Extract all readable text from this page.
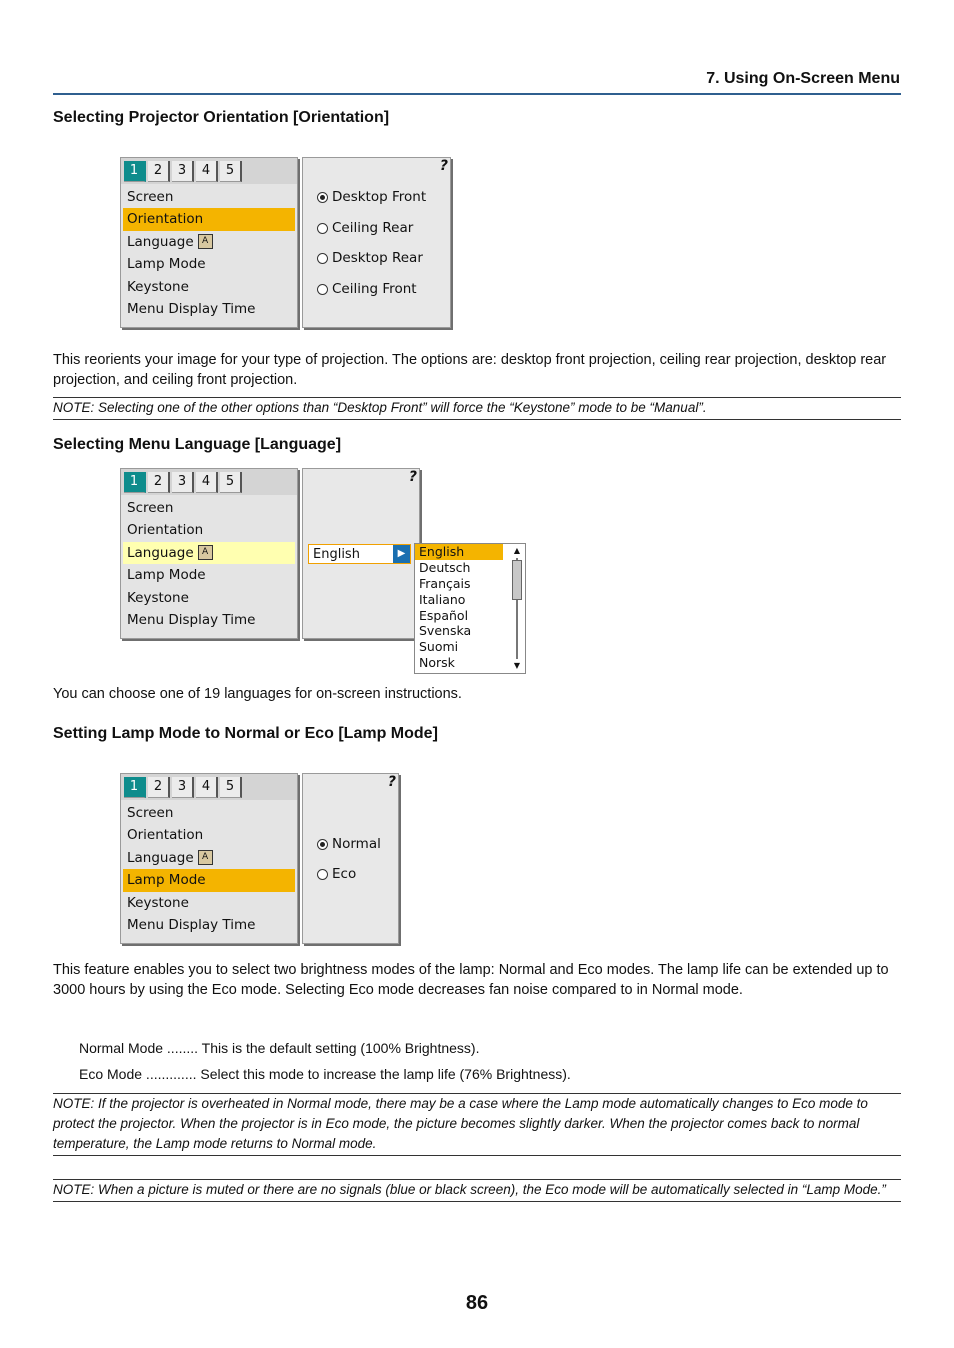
7. Using On-Screen Menu
Selecting Projector Orientation [Orientation]
1	2	3	4	5
Screen
Orientation
Language A
Lamp Mode
Keystone
Menu Display Time
?
Desktop Front
Ceiling Rear
Desktop Rear
Ceiling Front
This reorients your image for your type of projection. The options are: desktop front projection, ceiling rear projection, desktop rear projection, and ceiling front projection.
NOTE: Selecting one of the other options than “Desktop Front” will force the “Keystone” mode to be “Manual”.
Selecting Menu Language [Language]
1	2	3	4	5
Screen
Orientation
Language A
Lamp Mode
Keystone
Menu Display Time
?
English	▶	English
Deutsch
Français
Italiano
Español
Svenska
Suomi
Norsk
▲
▼
You can choose one of 19 languages for on-screen instructions.
Setting Lamp Mode to Normal or Eco [Lamp Mode]
1	2	3	4	5
Screen
Orientation
Language A
Lamp Mode
Keystone
Menu Display Time
?
Normal
Eco
This feature enables you to select two brightness modes of the lamp: Normal and Eco modes. The lamp life can be extended up to 3000 hours by using the Eco mode. Selecting Eco mode decreases fan noise compared to in Normal mode.
Normal Mode ........ This is the default setting (100% Brightness).
Eco Mode ............. Select this mode to increase the lamp life (76% Brightness).
NOTE: If the projector is overheated in Normal mode, there may be a case where the Lamp mode automatically changes to Eco mode to protect the projector. When the projector is in Eco mode, the picture becomes slightly darker. When the projector comes back to normal temperature, the Lamp mode returns to Normal mode.
NOTE: When a picture is muted or there are no signals (blue or black screen), the Eco mode will be automatically selected in “Lamp Mode.”
86
